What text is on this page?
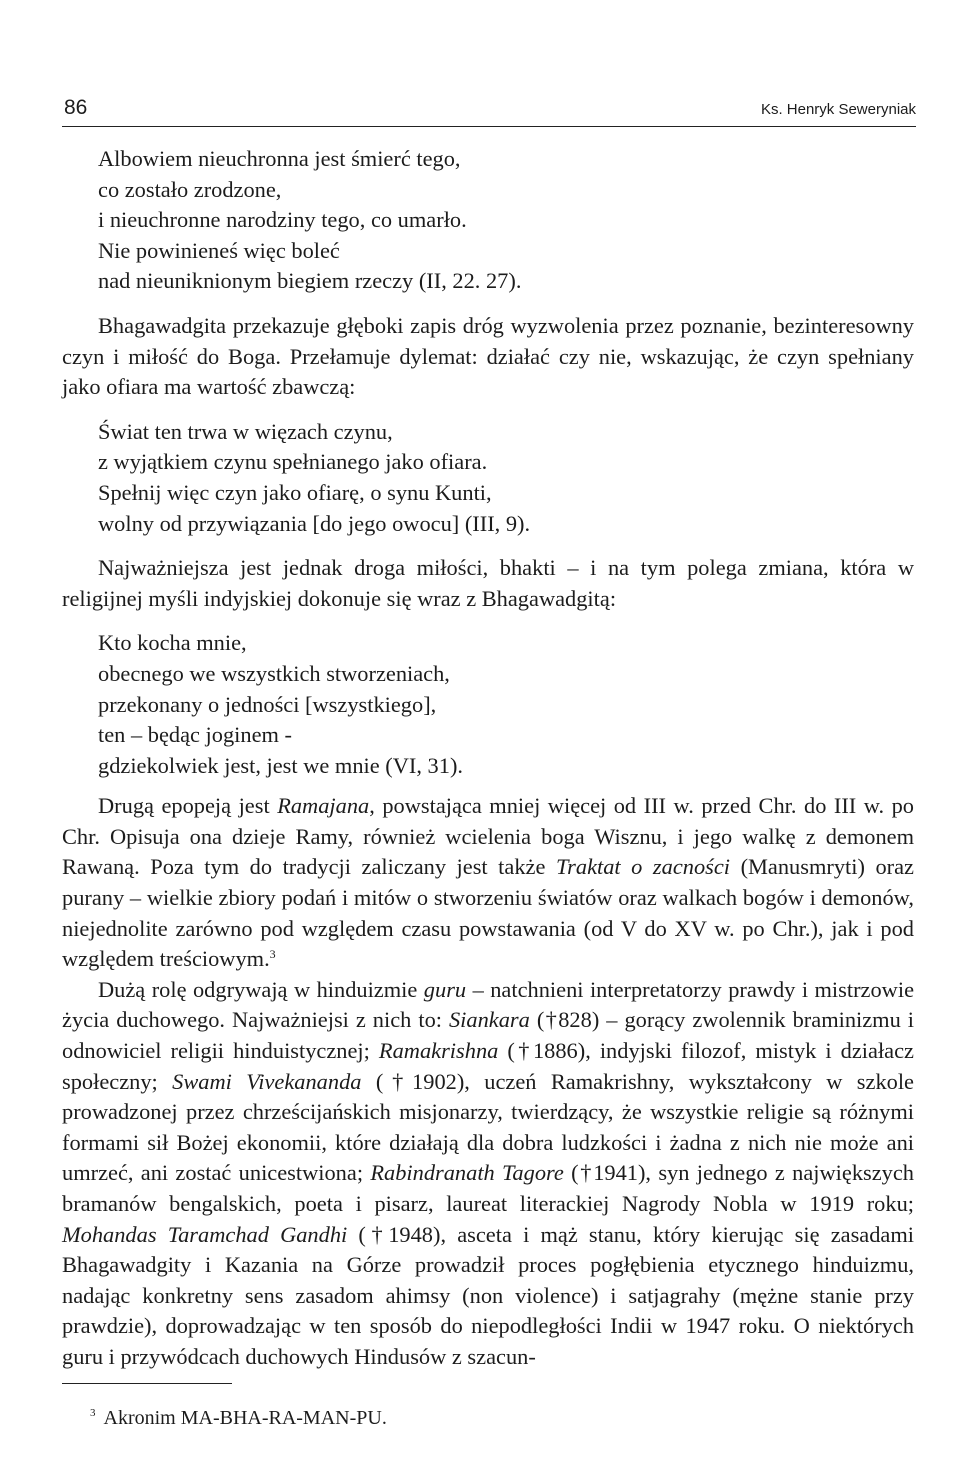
86	Ks. Henryk Seweryniak
Albowiem nieuchronna jest śmierć tego,
co zostało zrodzone,
i nieuchronne narodziny tego, co umarło.
Nie powinieneś więc boleć
nad nieuniknionym biegiem rzeczy (II, 22. 27).

Bhagawadgita przekazuje głęboki zapis dróg wyzwolenia przez poznanie, bezinteresowny czyn i miłość do Boga. Przełamuje dylemat: działać czy nie, wskazując, że czyn spełniany jako ofiara ma wartość zbawczą:

Świat ten trwa w więzach czynu,
z wyjątkiem czynu spełnianego jako ofiara.
Spełnij więc czyn jako ofiarę, o synu Kunti,
wolny od przywiązania [do jego owocu] (III, 9).

Najważniejsza jest jednak droga miłości, bhakti – i na tym polega zmiana, która w religijnej myśli indyjskiej dokonuje się wraz z Bhagawadgitą:

Kto kocha mnie,
obecnego we wszystkich stworzeniach,
przekonany o jedności [wszystkiego],
ten – będąc joginem -
gdziekolwiek jest, jest we mnie (VI, 31).

Drugą epopeją jest Ramajana, powstająca mniej więcej od III w. przed Chr. do III w. po Chr. Opisuja ona dzieje Ramy, również wcielenia boga Wisznu, i jego walkę z demonem Rawaną. Poza tym do tradycji zaliczany jest także Traktat o zacności (Manusmryti) oraz purany – wielkie zbiory podań i mitów o stworzeniu światów oraz walkach bogów i demonów, niejednolite zarówno pod względem czasu powstawania (od V do XV w. po Chr.), jak i pod względem treściowym.$^3$

Dużą rolę odgrywają w hinduizmie guru – natchnieni interpretatorzy prawdy i mistrzowie życia duchowego. Najważniejsi z nich to: Siankara (†828) – gorący zwolennik braminizmu i odnowiciel religii hinduistycznej; Ramakrishna (†1886), indyjski filozof, mistyk i działacz społeczny; Swami Vivekananda (†1902), uczeń Ramakrishny, wykształcony w szkole prowadzonej przez chrześcijańskich misjonarzy, twierdzący, że wszystkie religie są różnymi formami sił Bożej ekonomii, które działają dla dobra ludzkości i żadna z nich nie może ani umrzeć, ani zostać unicestwiona; Rabindranath Tagore (†1941), syn jednego z największych bramanów bengalskich, poeta i pisarz, laureat literackiej Nagrody Nobla w 1919 roku; Mohandas Taramchad Gandhi (†1948), asceta i mąż stanu, który kierując się zasadami Bhagawadgity i Kazania na Górze prowadził proces pogłębienia etycznego hinduizmu, nadając konkretny sens zasadom ahimsy (non violence) i satjagrahy (mężne stanie przy prawdzie), doprowadzając w ten sposób do niepodległości Indii w 1947 roku. O niektórych guru i przywódcach duchowych Hindusów z szacun-

$^3$ Akronim MA-BHA-RA-MAN-PU.
